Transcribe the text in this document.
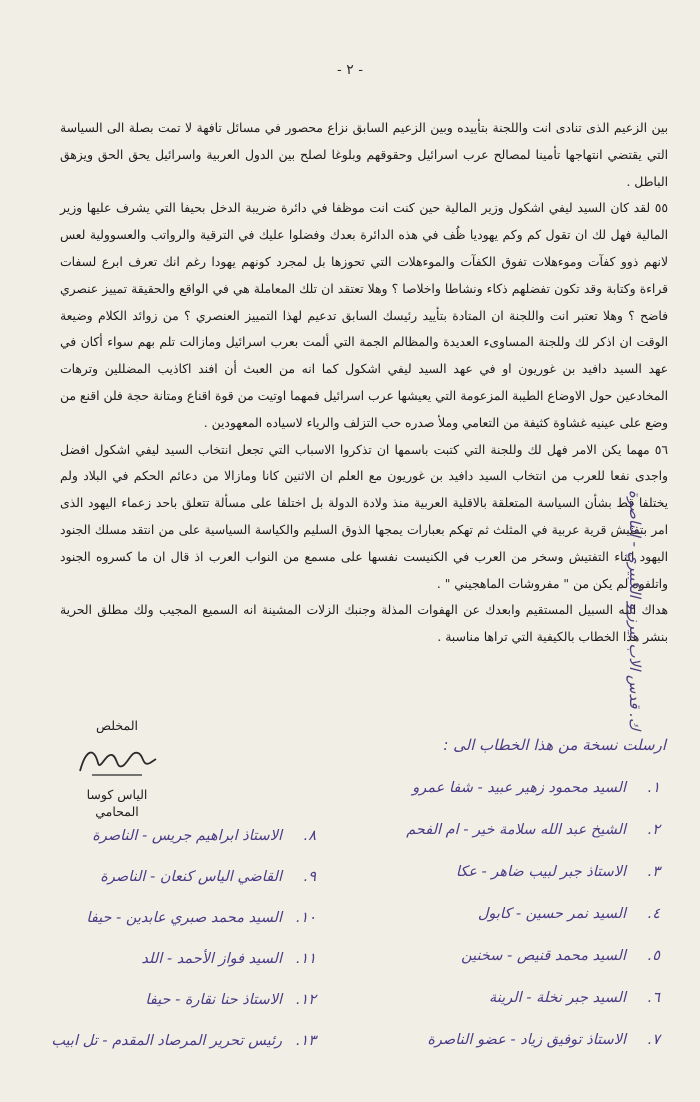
- ٢ -

بين الزعيم الذى تنادى انت واللجنة بتأييده وبين الزعيم السابق نزاع محصور في مسائل تافهة لا تمت بصلة الى السياسة التي يقتضي انتهاجها تأمينا لمصالح عرب اسرائيل وحقوقهم وبلوغا لصلح بين الدول العربية واسرائيل يحق الحق ويزهق الباطل .

٥٥ لقد كان السيد ليفي اشكول وزير المالية حين كنت انت موظفا في دائرة ضريبة الدخل بحيفا التي يشرف عليها وزير المالية فهل لك ان تقول كم وكم يهوديا ظُف في هذه الدائرة بعدك وفضلوا عليك في الترقية والرواتب والعسوولية لعس لانهم ذوو كفآت وموءهلات تفوق الكفآت والموءهلات التي تحوزها بل لمجرد كونهم يهودا رغم انك تعرف ابرع لسفات قراءة وكتابة وقد تكون تفضلهم ذكاء ونشاطا واخلاصا ؟ وهلا تعتقد ان تلك المعاملة هي في الواقع والحقيقة تمييز عنصري فاضح ؟ وهلا تعتبر انت واللجنة ان المتادة بتأييد رئيسك السابق تدعيم لهذا التمييز العنصري ؟ من زوائد الكلام وضيعة الوقت ان اذكر لك وللجنة المساوىء العديدة والمظالم الجمة التي ألمت بعرب اسرائيل ومازالت تلم بهم سواء أكان في عهد السيد دافيد بن غوريون او في عهد السيد ليفي اشكول كما انه من العبث أن افند اكاذيب المضللين وترهات المخادعين حول الاوضاع الطيبة المزعومة التي يعيشها عرب اسرائيل فمهما اوتيت من قوة اقناع ومتانة حجة فلن اقنع من وضع على عينيه غشاوة كثيفة من التعامي وملأ صدره حب التزلف والرياء لاسياده المعهودين .

٥٦ مهما يكن الامر فهل لك وللجنة التي كتبت باسمها ان تذكروا الاسباب التي تجعل انتخاب السيد ليفي اشكول افضل واجدى نفعا للعرب من انتخاب السيد دافيد بن غوريون مع العلم ان الاثنين كانا ومازالا من دعائم الحكم في البلاد ولم يختلفا قط بشأن السياسة المتعلقة بالاقلية العربية منذ ولادة الدولة بل اختلفا على مسألة تتعلق باحد زعماء اليهود الذى امر بتفتيش قرية عربية في المثلث ثم تهكم بعبارات يمجها الذوق السليم والكياسة السياسية على من انتقد مسلك الجنود اليهود اثناء التفتيش وسخر من العرب في الكنيست نفسها على مسمع من النواب العرب اذ قال ان ما كسروه الجنود واتلفوه لم يكن من " مفروشات الماهجيني " .

هداك الله السبيل المستقيم وابعدك عن الهفوات المذلة وجنبك الزلات المشينة انه السميع المجيب ولك مطلق الحرية بنشر هذا الخطاب بالكيفية التي تراها مناسبة .

ك. قدس الاب تيرزيو الكبيري - الناصرة
المخلص
الياس كوسا
المحامي
ارسلت نسخة من هذا الخطاب الى :
١.السيد محمود زهير عبيد - شفا عمرو
٢.الشيخ عبد الله سلامة خير - ام الفحم
٣.الاستاذ جبر لبيب ضاهر - عكا
٤.السيد نمر حسين - كابول
٥.السيد محمد قنيص - سخنين
٦.السيد جبر نخلة - الرينة
٧.الاستاذ توفيق زياد - عضو الناصرة
٨.الاستاذ ابراهيم جريس - الناصرة
٩.القاضي الياس كنعان - الناصرة
١٠.السيد محمد صبري عابدين - حيفا
١١.السيد فواز الأحمد - اللد
١٢.الاستاذ حنا نقارة - حيفا
١٣.رئيس تحرير المرصاد المقدم - تل ابيب
